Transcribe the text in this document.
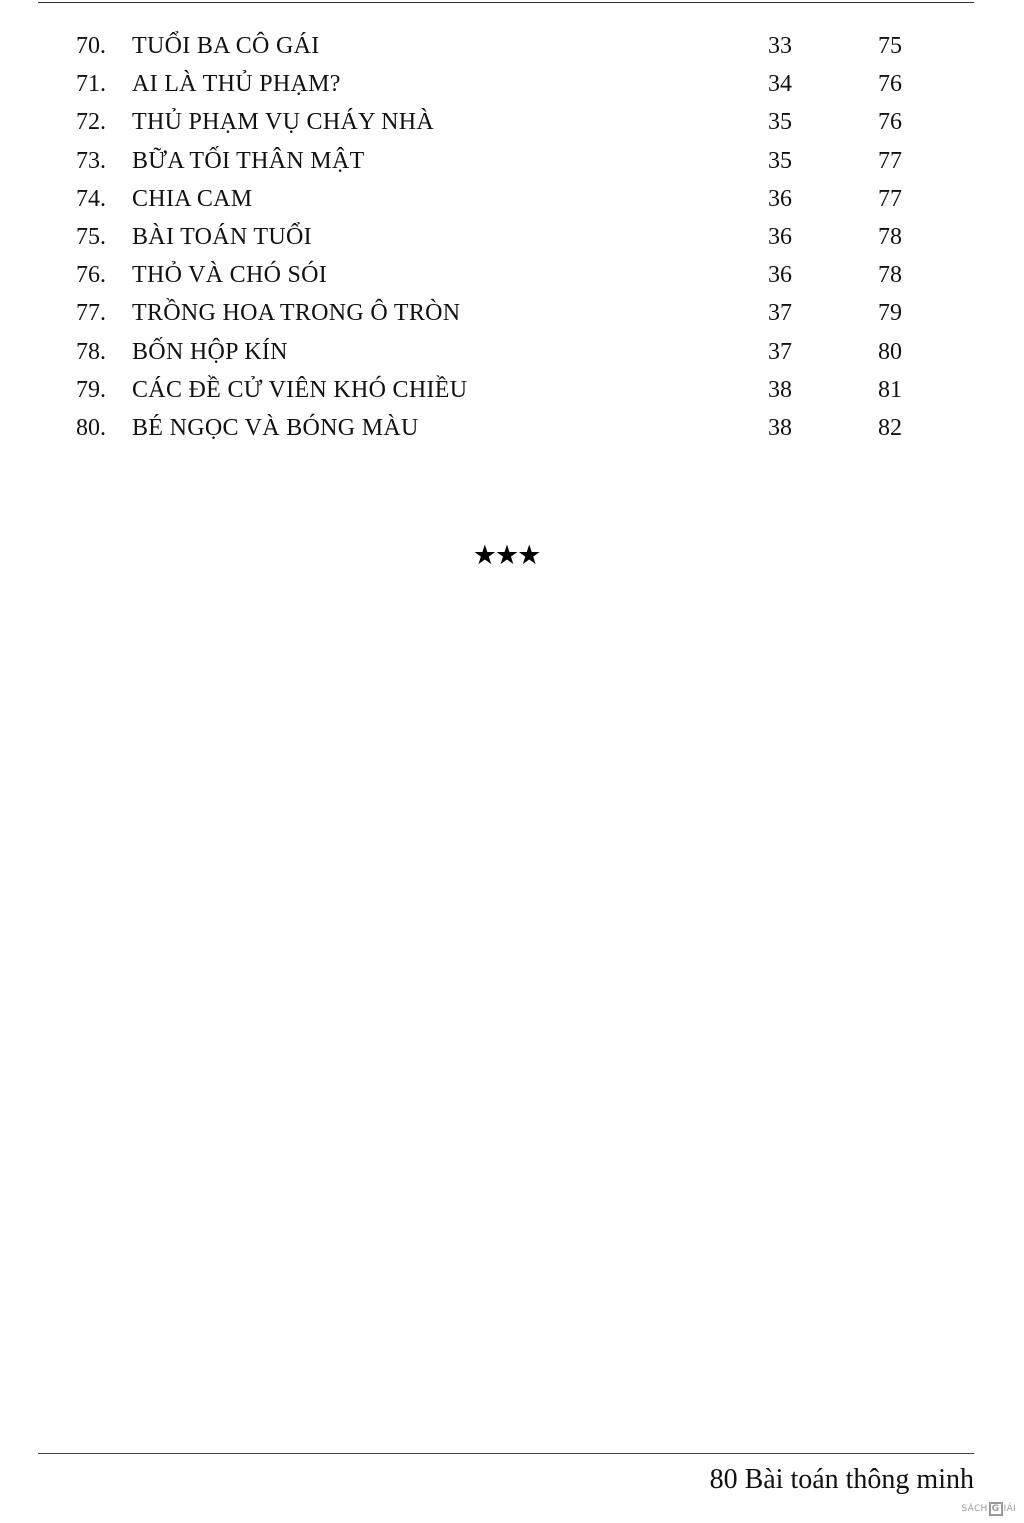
70.	TUỔI BA CÔ GÁI	33	75
71.	AI LÀ THỦ PHẠM?	34	76
72.	THỦ PHẠM VỤ CHÁY NHÀ	35	76
73.	BỮA TỐI THÂN MẬT	35	77
74.	CHIA CAM	36	77
75.	BÀI TOÁN TUỔI	36	78
76.	THỎ VÀ CHÓ SÓI	36	78
77.	TRỒNG HOA TRONG Ô TRÒN	37	79
78.	BỐN HỘP KÍN	37	80
79.	CÁC ĐỀ CỬ VIÊN KHÓ CHIỀU	38	81
80.	BÉ NGỌC VÀ BÓNG MÀU	38	82
★★★
80 Bài toán thông minh
SÁCH G IẢI
